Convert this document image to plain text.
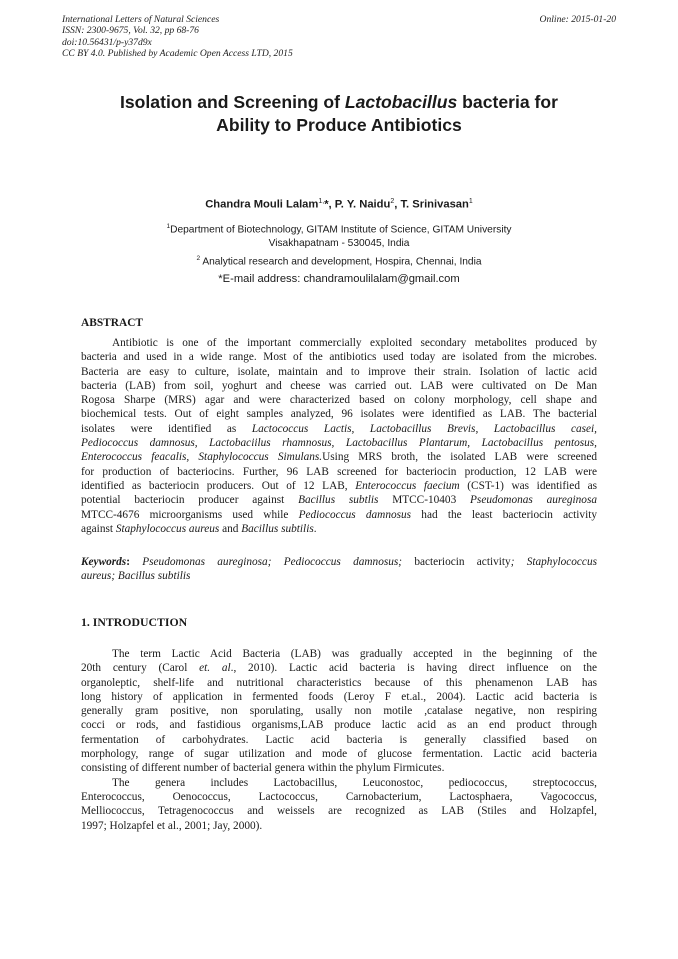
International Letters of Natural Sciences
ISSN: 2300-9675, Vol. 32, pp 68-76
doi:10.56431/p-y37d9x
CC BY 4.0. Published by Academic Open Access LTD, 2015
Online: 2015-01-20
Isolation and Screening of Lactobacillus bacteria for
Ability to Produce Antibiotics
Chandra Mouli Lalam$^{1,}$*, P. Y. Naidu$^2$, T. Srinivasan$^1$
$^1$Department of Biotechnology, GITAM Institute of Science, GITAM University
Visakhapatnam - 530045, India
$^2$ Analytical research and development, Hospira, Chennai, India
*E-mail address: chandramoulilalam@gmail.com
ABSTRACT
Antibiotic is one of the important commercially exploited secondary metabolites produced by
bacteria and used in a wide range. Most of the antibiotics used today are isolated from the microbes.
Bacteria are easy to culture, isolate, maintain and to improve their strain. Isolation of lactic acid
bacteria (LAB) from soil, yoghurt and cheese was carried out. LAB were cultivated on De Man
Rogosa Sharpe (MRS) agar and were characterized based on colony morphology, cell shape and
biochemical tests. Out of eight samples analyzed, 96 isolates were identified as LAB. The bacterial
isolates were identified as Lactococcus Lactis, Lactobacillus Brevis, Lactobacillus casei,
Pediococcus damnosus, Lactobaciilus rhamnosus, Lactobacillus Plantarum, Lactobacillus pentosus,
Enterococcus feacalis, Staphylococcus Simulans.Using MRS broth, the isolated LAB were screened
for production of bacteriocins. Further, 96 LAB screened for bacteriocin production, 12 LAB were
identified as bacteriocin producers. Out of 12 LAB, Enterococcus faecium (CST-1) was identified as
potential bacteriocin producer against Bacillus subtlis MTCC-10403 Pseudomonas aureginosa
MTCC-4676 microorganisms used while Pediococcus damnosus had the least bacteriocin activity
against Staphylococcus aureus and Bacillus subtilis.
Keywords: Pseudomonas aureginosa; Pediococcus damnosus; bacteriocin activity; Staphylococcus
aureus; Bacillus subtilis
1. INTRODUCTION
The term Lactic Acid Bacteria (LAB) was gradually accepted in the beginning of the
20th century (Carol et. al., 2010). Lactic acid bacteria is having direct influence on the
organoleptic, shelf-life and nutritional characteristics because of this phenamenon LAB has
long history of application in fermented foods (Leroy F et.al., 2004). Lactic acid bacteria is
generally gram positive, non sporulating, usally non motile ,catalase negative, non respiring
cocci or rods, and fastidious organisms,LAB produce lactic acid as an end product through
fermentation of carbohydrates. Lactic acid bacteria is generally classified based on
morphology, range of sugar utilization and mode of glucose fermentation. Lactic acid bacteria
consisting of different number of bacterial genera within the phylum Firmicutes.
The genera includes Lactobacillus, Leuconostoc, pediococcus, streptococcus,
Enterococcus, Oenococcus, Lactococcus, Carnobacterium, Lactosphaera, Vagococcus,
Melliococcus, Tetragenococcus and weissels are recognized as LAB (Stiles and Holzapfel,
1997; Holzapfel et al., 2001; Jay, 2000).
